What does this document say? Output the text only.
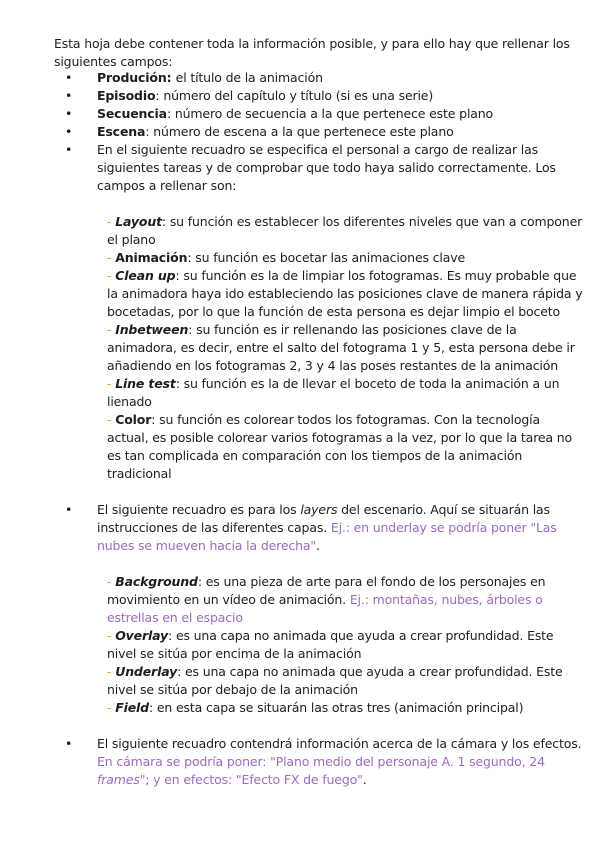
Esta hoja debe contener toda la información posible, y para ello hay que rellenar los siguientes campos:
• Produción: el título de la animación
• Episodio: número del capítulo y título (si es una serie)
• Secuencia: número de secuencia a la que pertenece este plano
• Escena: número de escena a la que pertenece este plano
• En el siguiente recuadro se especifica el personal a cargo de realizar las siguientes tareas y de comprobar que todo haya salido correctamente. Los campos a rellenar son:
- Layout: su función es establecer los diferentes niveles que van a componer el plano
- Animación: su función es bocetar las animaciones clave
- Clean up: su función es la de limpiar los fotogramas. Es muy probable que la animadora haya ido estableciendo las posiciones clave de manera rápida y bocetadas, por lo que la función de esta persona es dejar limpio el boceto
- Inbetween: su función es ir rellenando las posiciones clave de la animadora, es decir, entre el salto del fotograma 1 y 5, esta persona debe ir añadiendo en los fotogramas 2, 3 y 4 las poses restantes de la animación
- Line test: su función es la de llevar el boceto de toda la animación a un lienado
- Color: su función es colorear todos los fotogramas. Con la tecnología actual, es posible colorear varios fotogramas a la vez, por lo que la tarea no es tan complicada en comparación con los tiempos de la animación tradicional
• El siguiente recuadro es para los layers del escenario. Aquí se situarán las instrucciones de las diferentes capas. Ej.: en underlay se podría poner "Las nubes se mueven hacia la derecha".
- Background: es una pieza de arte para el fondo de los personajes en movimiento en un vídeo de animación. Ej.: montañas, nubes, árboles o estrellas en el espacio
- Overlay: es una capa no animada que ayuda a crear profundidad. Este nivel se sitúa por encima de la animación
- Underlay: es una capa no animada que ayuda a crear profundidad. Este nivel se sitúa por debajo de la animación
- Field: en esta capa se situarán las otras tres (animación principal)
• El siguiente recuadro contendrá información acerca de la cámara y los efectos. En cámara se podría poner: "Plano medio del personaje A. 1 segundo, 24 frames"; y en efectos: "Efecto FX de fuego".
